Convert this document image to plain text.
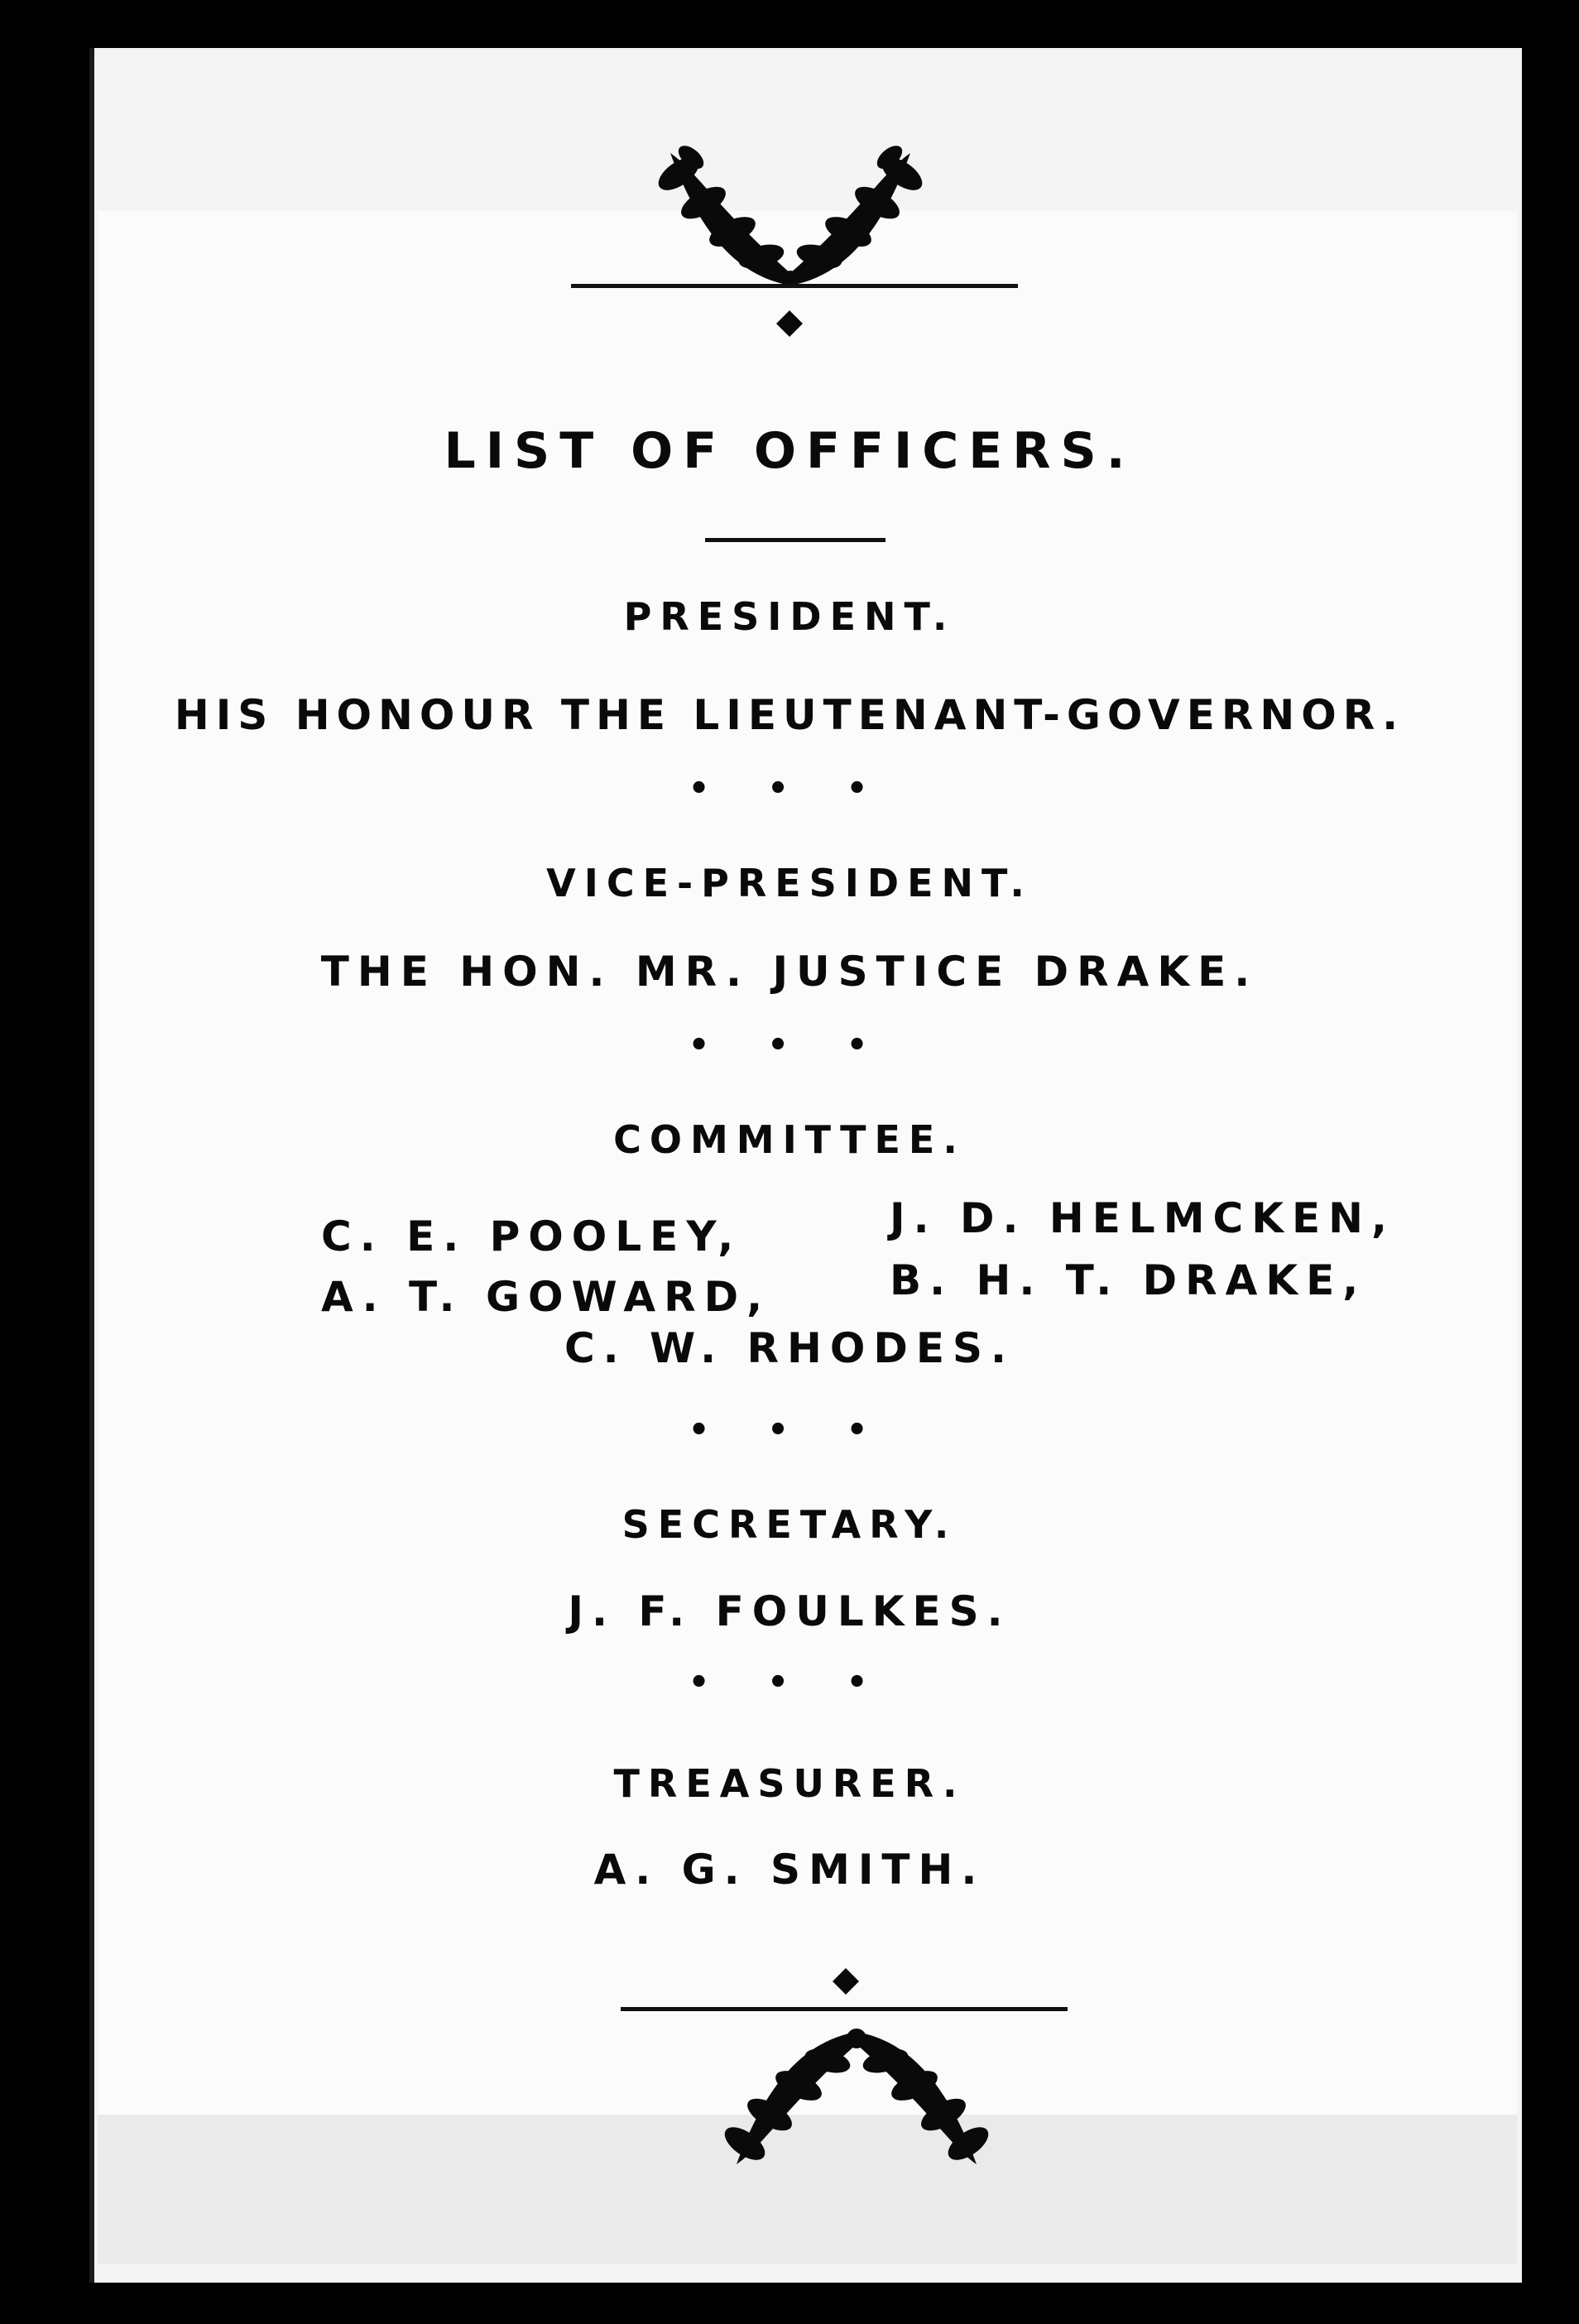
LIST OF OFFICERS.
PRESIDENT.
HIS HONOUR THE LIEUTENANT-GOVERNOR.
• • •
VICE-PRESIDENT.
THE HON. MR. JUSTICE DRAKE.
• • •
COMMITTEE.
C. E. POOLEY,	J. D. HELMCKEN,
A. T. GOWARD,	B. H. T. DRAKE,
C. W. RHODES.
• • •
SECRETARY.
J. F. FOULKES.
• • •
TREASURER.
A. G. SMITH.
